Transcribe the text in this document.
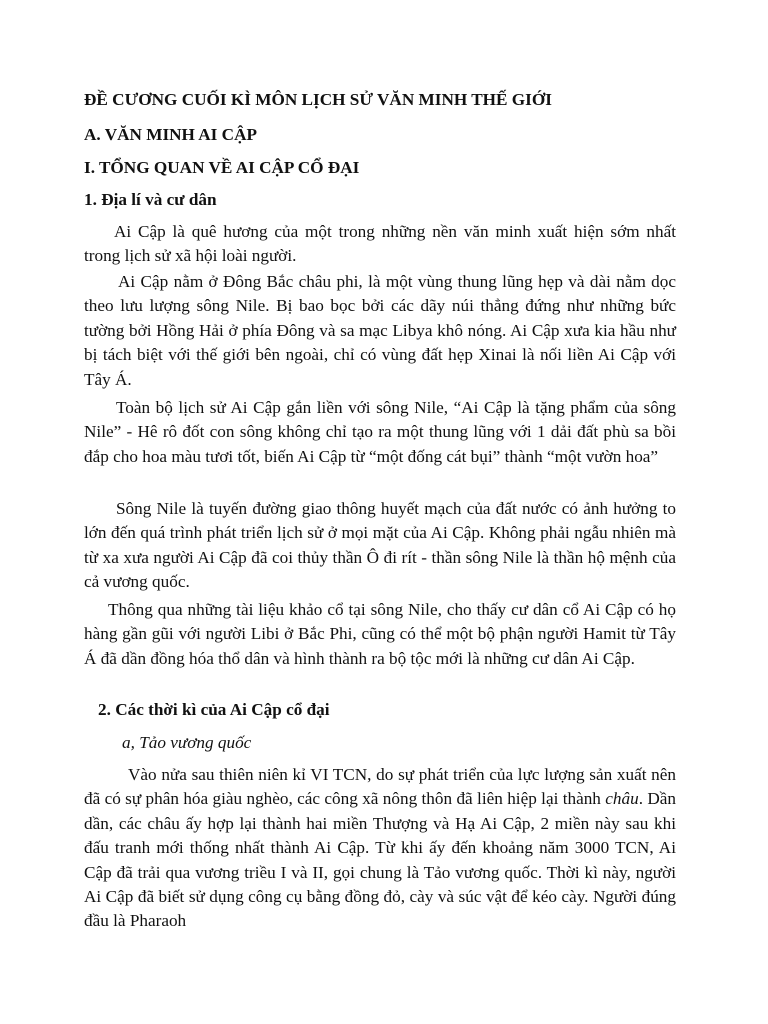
ĐỀ CƯƠNG CUỐI KÌ MÔN LỊCH SỬ VĂN MINH THẾ GIỚI
A. VĂN MINH AI CẬP
I. TỔNG QUAN VỀ AI CẬP CỔ ĐẠI
1. Địa lí và cư dân

Ai Cập là quê hương của một trong những nền văn minh xuất hiện sớm nhất trong lịch sử xã hội loài người.

Ai Cập nằm ở Đông Bắc châu phi, là một vùng thung lũng hẹp và dài nằm dọc theo lưu lượng sông Nile. Bị bao bọc bởi các dãy núi thẳng đứng như những bức tường bởi Hồng Hải ở phía Đông và sa mạc Libya khô nóng. Ai Cập xưa kia hầu như bị tách biệt với thế giới bên ngoài, chỉ có vùng đất hẹp Xinai là nối liền Ai Cập với Tây Á.

Toàn bộ lịch sử Ai Cập gắn liền với sông Nile, “Ai Cập là tặng phẩm của sông Nile” - Hê rô đốt con sông không chỉ tạo ra một thung lũng với 1 dải đất phù sa bồi đắp cho hoa màu tươi tốt, biến Ai Cập từ “một đống cát bụi” thành “một vườn hoa”

Sông Nile là tuyến đường giao thông huyết mạch của đất nước có ảnh hưởng to lớn đến quá trình phát triển lịch sử ở mọi mặt của Ai Cập. Không phải ngẫu nhiên mà từ xa xưa người Ai Cập đã coi thủy thần Ô đi rít - thần sông Nile là thần hộ mệnh của cả vương quốc.

Thông qua những tài liệu khảo cổ tại sông Nile, cho thấy cư dân cổ Ai Cập có họ hàng gần gũi với người Libi ở Bắc Phi, cũng có thể một bộ phận người Hamit từ Tây Á đã dần đồng hóa thổ dân và hình thành ra bộ tộc mới là những cư dân Ai Cập.

2. Các thời kì của Ai Cập cổ đại
a, Tảo vương quốc

Vào nửa sau thiên niên kỉ VI TCN, do sự phát triển của lực lượng sản xuất nên đã có sự phân hóa giàu nghèo, các công xã nông thôn đã liên hiệp lại thành châu. Dần dần, các châu ấy hợp lại thành hai miền Thượng và Hạ Ai Cập, 2 miền này sau khi đấu tranh mới thống nhất thành Ai Cập. Từ khi ấy đến khoảng năm 3000 TCN, Ai Cập đã trải qua vương triều I và II, gọi chung là Tảo vương quốc. Thời kì này, người Ai Cập đã biết sử dụng công cụ bằng đồng đỏ, cày và súc vật để kéo cày. Người đúng đầu là Pharaoh
